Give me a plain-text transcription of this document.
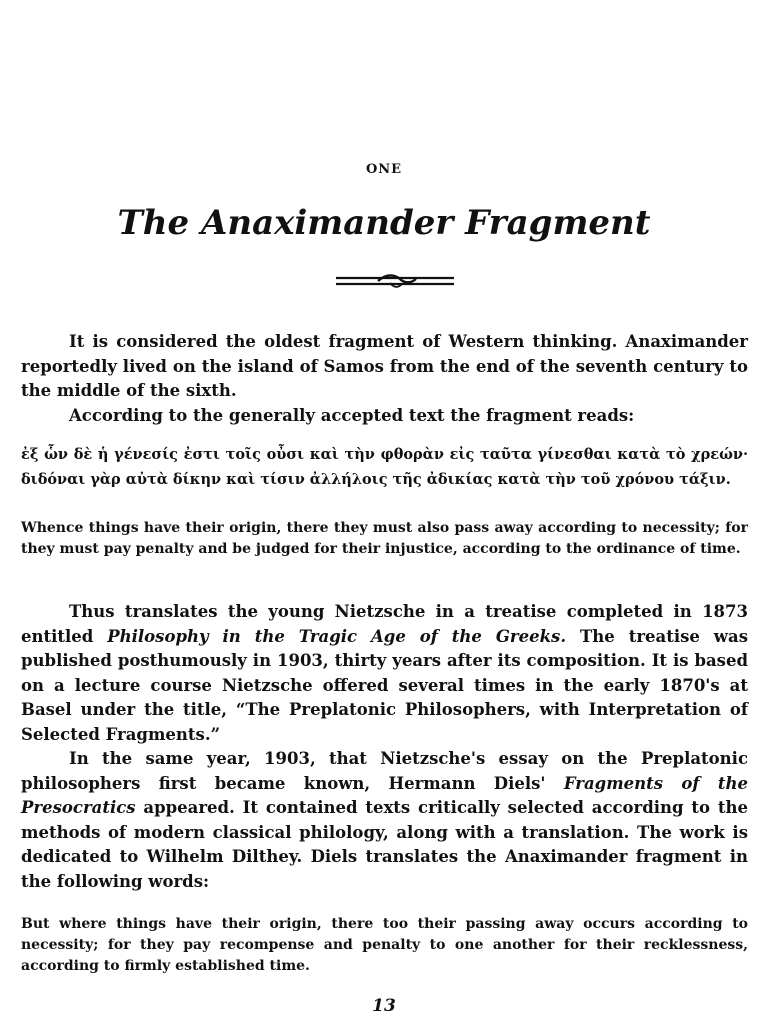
ONE
The Anaximander Fragment

It is considered the oldest fragment of Western thinking. Anaximander reportedly lived on the island of Samos from the end of the seventh century to the middle of the sixth.

According to the generally accepted text the fragment reads:

ἐξ ὧν δὲ ἡ γένεσίς ἐστι τοῖς οὖσι καὶ τὴν φθορὰν εἰς ταῦτα γίνεσθαι κατὰ τὸ χρεών· διδόναι γὰρ αὐτὰ δίκην καὶ τίσιν ἀλλήλοις τῆς ἀδικίας κατὰ τὴν τοῦ χρόνου τάξιν.
Whence things have their origin, there they must also pass away according to necessity; for they must pay penalty and be judged for their injustice, according to the ordinance of time.

Thus translates the young Nietzsche in a treatise completed in 1873 entitled Philosophy in the Tragic Age of the Greeks. The treatise was published posthumously in 1903, thirty years after its composition. It is based on a lecture course Nietzsche offered several times in the early 1870's at Basel under the title, “The Preplatonic Philosophers, with Interpretation of Selected Fragments.”

In the same year, 1903, that Nietzsche's essay on the Preplatonic philosophers first became known, Hermann Diels' Fragments of the Presocratics appeared. It contained texts critically selected according to the methods of modern classical philology, along with a translation. The work is dedicated to Wilhelm Dilthey. Diels translates the Anaximander fragment in the following words:

But where things have their origin, there too their passing away occurs according to necessity; for they pay recompense and penalty to one another for their recklessness, according to firmly established time.
13
